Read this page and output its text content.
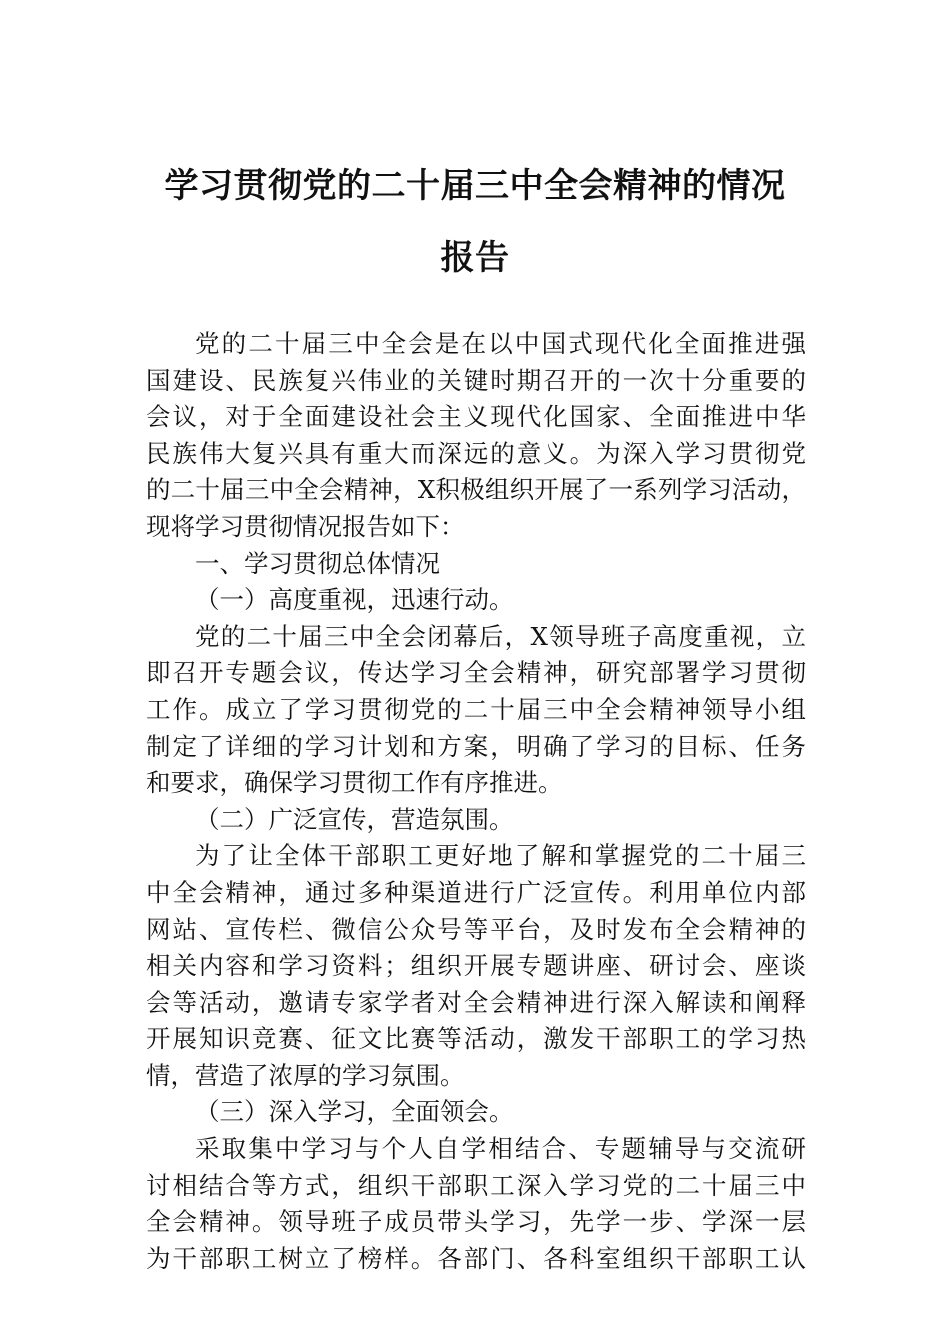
学习贯彻党的二十届三中全会精神的情况
报告
党的二十届三中全会是在以中国式现代化全面推进强
国建设、民族复兴伟业的关键时期召开的一次十分重要的
会议，对于全面建设社会主义现代化国家、全面推进中华
民族伟大复兴具有重大而深远的意义。为深入学习贯彻党
的二十届三中全会精神，X积极组织开展了一系列学习活动，
现将学习贯彻情况报告如下：
一、学习贯彻总体情况
（一）高度重视，迅速行动。
党的二十届三中全会闭幕后，X领导班子高度重视，立
即召开专题会议，传达学习全会精神，研究部署学习贯彻
工作。成立了学习贯彻党的二十届三中全会精神领导小组
制定了详细的学习计划和方案，明确了学习的目标、任务
和要求，确保学习贯彻工作有序推进。
（二）广泛宣传，营造氛围。
为了让全体干部职工更好地了解和掌握党的二十届三
中全会精神，通过多种渠道进行广泛宣传。利用单位内部
网站、宣传栏、微信公众号等平台，及时发布全会精神的
相关内容和学习资料；组织开展专题讲座、研讨会、座谈
会等活动，邀请专家学者对全会精神进行深入解读和阐释
开展知识竞赛、征文比赛等活动，激发干部职工的学习热
情，营造了浓厚的学习氛围。
（三）深入学习，全面领会。
采取集中学习与个人自学相结合、专题辅导与交流研
讨相结合等方式，组织干部职工深入学习党的二十届三中
全会精神。领导班子成员带头学习，先学一步、学深一层
为干部职工树立了榜样。各部门、各科室组织干部职工认
